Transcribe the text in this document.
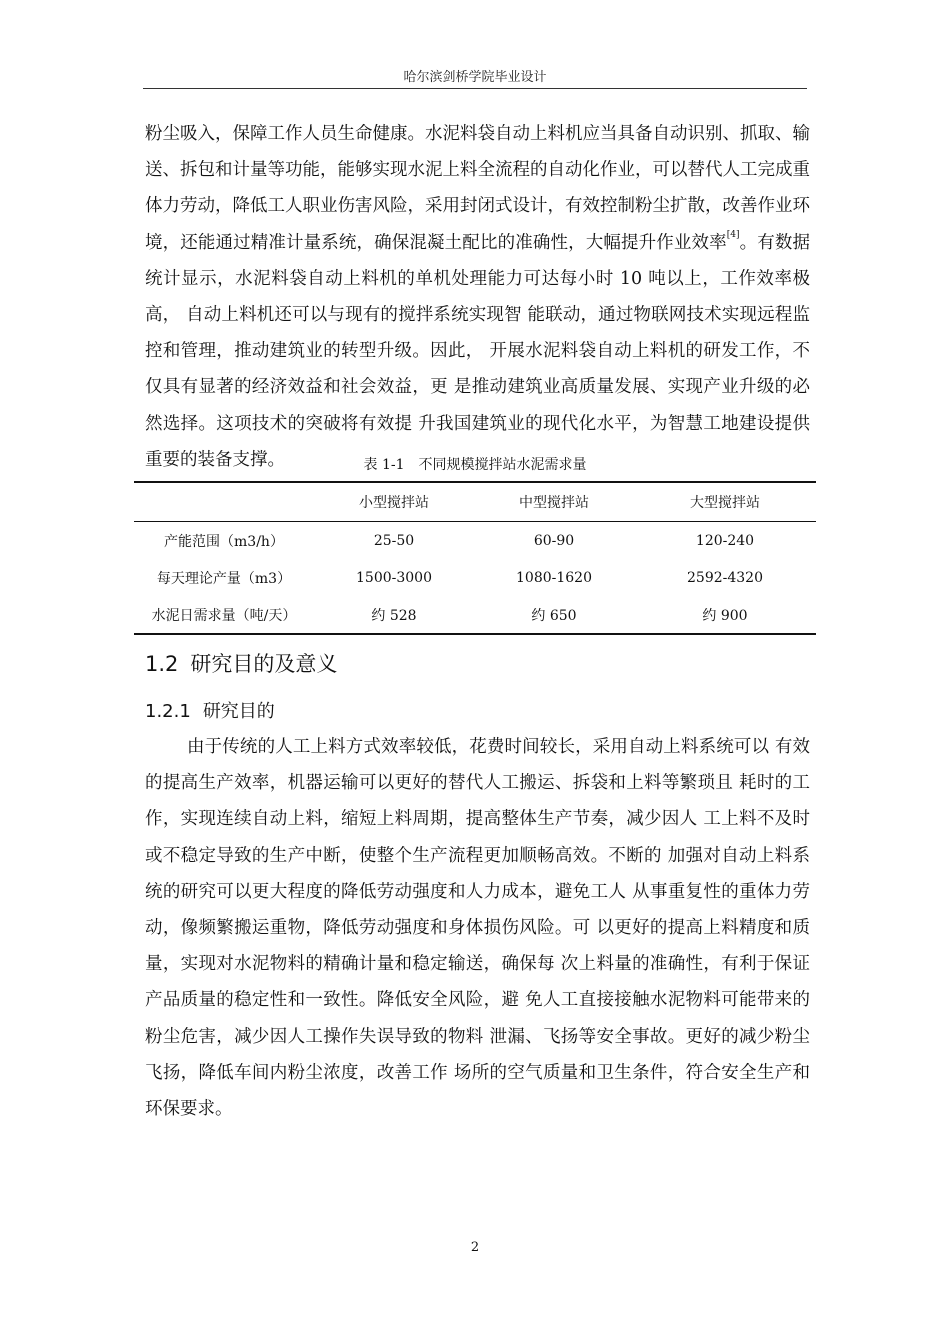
哈尔滨剑桥学院毕业设计

粉尘吸入，保障工作人员生命健康。水泥料袋自动上料机应当具备自动识别、抓取、输送、拆包和计量等功能，能够实现水泥上料全流程的自动化作业，可以替代人工完成重体力劳动，降低工人职业伤害风险，采用封闭式设计，有效控制粉尘扩散，改善作业环境，还能通过精准计量系统，确保混凝土配比的准确性，大幅提升作业效率[4]。有数据统计显示，水泥料袋自动上料机的单机处理能力可达每小时 10 吨以上，工作效率极高， 自动上料机还可以与现有的搅拌系统实现智 能联动，通过物联网技术实现远程监控和管理，推动建筑业的转型升级。因此， 开展水泥料袋自动上料机的研发工作，不仅具有显著的经济效益和社会效益，更 是推动建筑业高质量发展、实现产业升级的必然选择。这项技术的突破将有效提 升我国建筑业的现代化水平，为智慧工地建设提供重要的装备支撑。	表 1-1　不同规模搅拌站水泥需求量
	小型搅拌站	中型搅拌站	大型搅拌站
产能范围（m3/h）	25-50	60-90	120-240
每天理论产量（m3）	1500-3000	1080-1620	2592-4320
水泥日需求量（吨/天）	约 528	约 650	约 900
1.2 研究目的及意义
1.2.1 研究目的

由于传统的人工上料方式效率较低，花费时间较长，采用自动上料系统可以 有效的提高生产效率，机器运输可以更好的替代人工搬运、拆袋和上料等繁琐且 耗时的工作，实现连续自动上料，缩短上料周期，提高整体生产节奏，减少因人 工上料不及时或不稳定导致的生产中断，使整个生产流程更加顺畅高效。不断的 加强对自动上料系统的研究可以更大程度的降低劳动强度和人力成本，避免工人 从事重复性的重体力劳动，像频繁搬运重物，降低劳动强度和身体损伤风险。可 以更好的提高上料精度和质量，实现对水泥物料的精确计量和稳定输送，确保每 次上料量的准确性，有利于保证产品质量的稳定性和一致性。降低安全风险，避 免人工直接接触水泥物料可能带来的粉尘危害，减少因人工操作失误导致的物料 泄漏、飞扬等安全事故。更好的减少粉尘飞扬，降低车间内粉尘浓度，改善工作 场所的空气质量和卫生条件，符合安全生产和环保要求。

2
